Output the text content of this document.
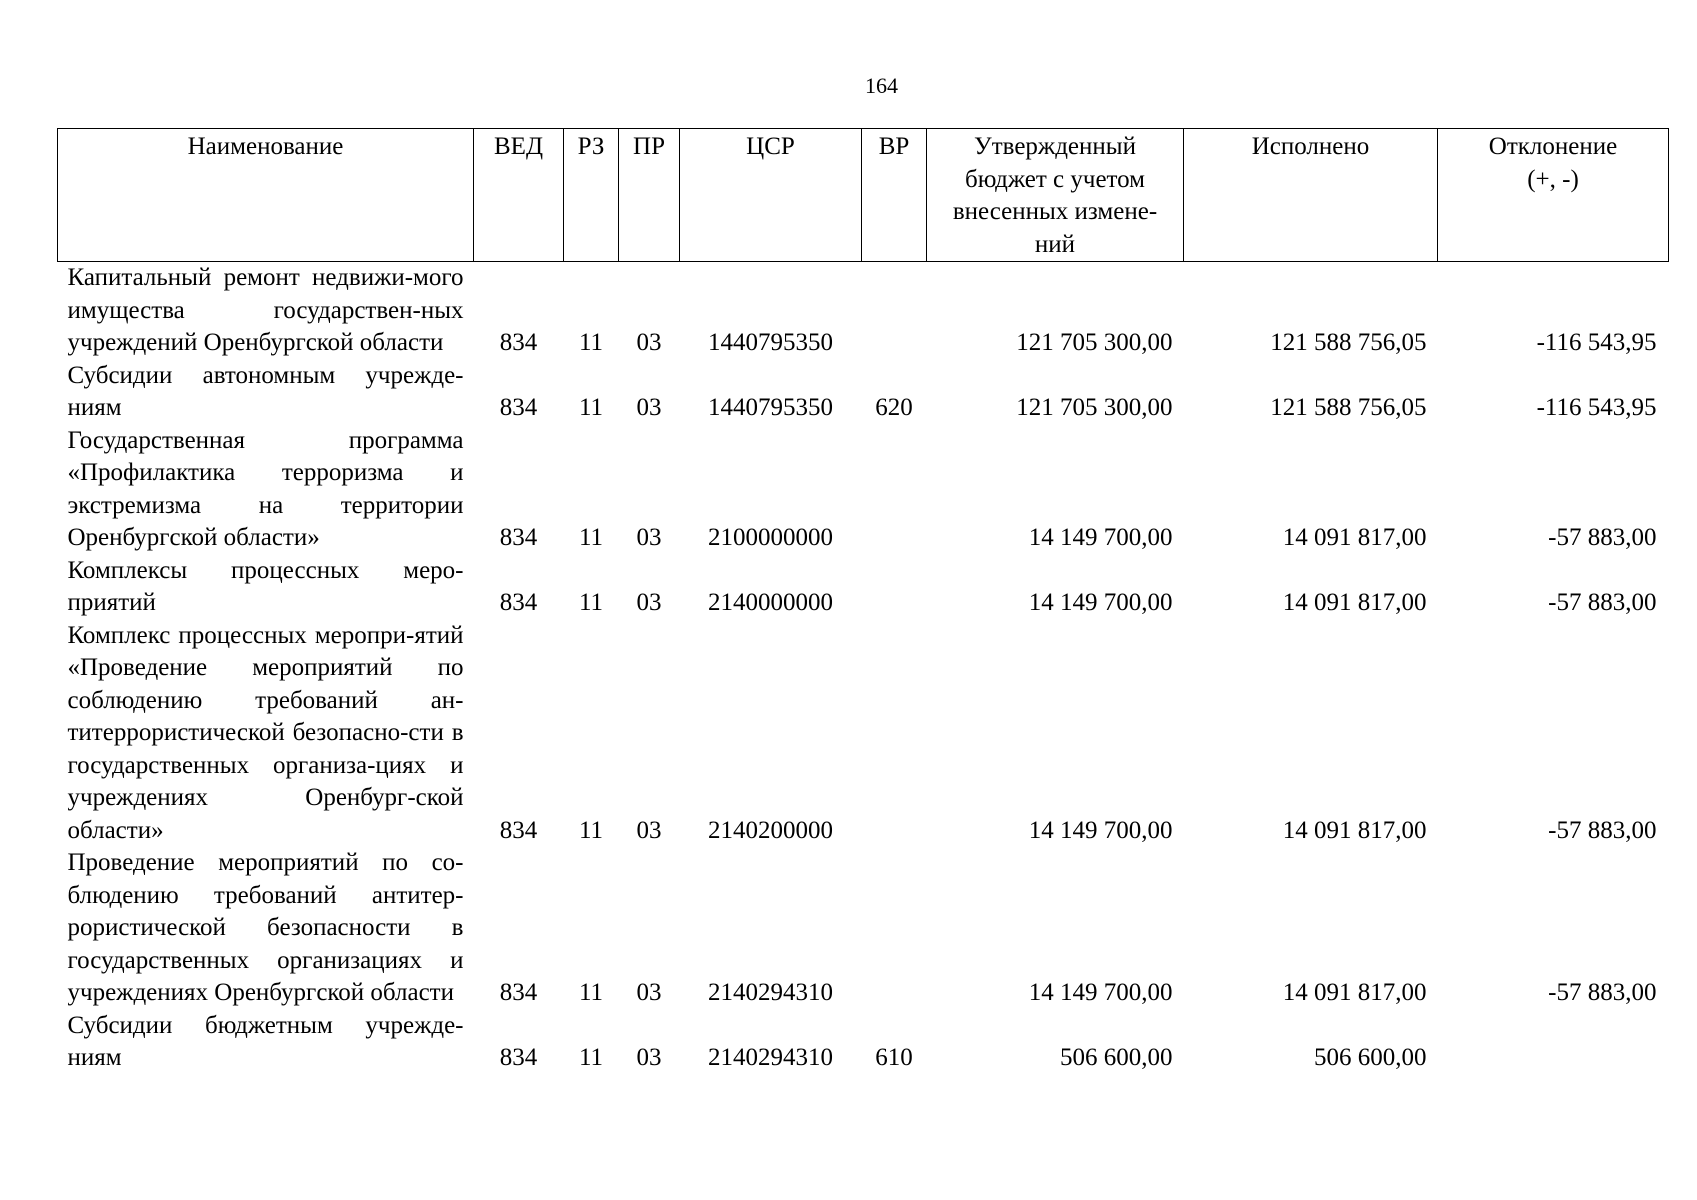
164
Наименование	ВЕД	РЗ	ПР	ЦСР	ВР	Утвержденный бюджет с учетом внесенных измене-ний	Исполнено	Отклонение (+, -)
Капитальный ремонт недвижи-мого имущества государствен-ных учреждений Оренбургской области	834	11	03	1440795350		121 705 300,00	121 588 756,05	-116 543,95
Субсидии автономным учрежде-ниям	834	11	03	1440795350	620	121 705 300,00	121 588 756,05	-116 543,95
Государственная программа «Профилактика терроризма и экстремизма на территории Оренбургской области»	834	11	03	2100000000		14 149 700,00	14 091 817,00	-57 883,00
Комплексы процессных меро-приятий	834	11	03	2140000000		14 149 700,00	14 091 817,00	-57 883,00
Комплекс процессных меропри-ятий «Проведение мероприятий по соблюдению требований ан-титеррористической безопасно-сти в государственных организа-циях и учреждениях Оренбург-ской области»	834	11	03	2140200000		14 149 700,00	14 091 817,00	-57 883,00
Проведение мероприятий по со-блюдению требований антитер-рористической безопасности в государственных организациях и учреждениях Оренбургской области	834	11	03	2140294310		14 149 700,00	14 091 817,00	-57 883,00
Субсидии бюджетным учрежде-ниям	834	11	03	2140294310	610	506 600,00	506 600,00	
